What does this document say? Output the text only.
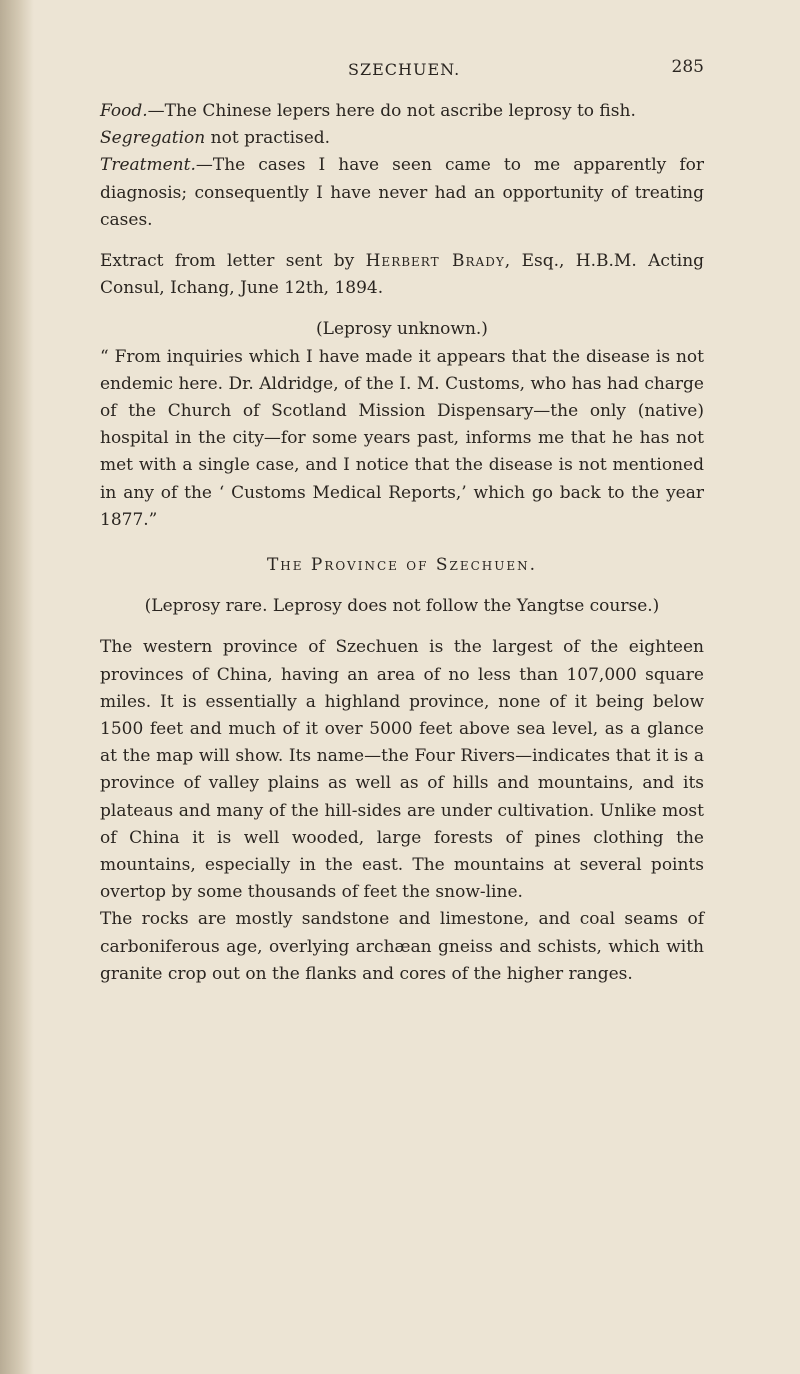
SZECHUEN.	285

Food.—The Chinese lepers here do not ascribe leprosy to fish.

Segregation not practised.

Treatment.—The cases I have seen came to me apparently for diagnosis; consequently I have never had an opportunity of treating cases.

Extract from letter sent by Herbert Brady, Esq., H.B.M. Acting Consul, Ichang, June 12th, 1894.

(Leprosy unknown.)

“ From inquiries which I have made it appears that the disease is not endemic here. Dr. Aldridge, of the I. M. Customs, who has had charge of the Church of Scotland Mission Dispensary—the only (native) hospital in the city—for some years past, informs me that he has not met with a single case, and I notice that the disease is not mentioned in any of the ‘ Customs Medical Reports,’ which go back to the year 1877.”

The Province of Szechuen.

(Leprosy rare. Leprosy does not follow the Yangtse course.)

The western province of Szechuen is the largest of the eighteen provinces of China, having an area of no less than 107,000 square miles. It is essentially a highland province, none of it being below 1500 feet and much of it over 5000 feet above sea level, as a glance at the map will show. Its name—the Four Rivers—indicates that it is a province of valley plains as well as of hills and mountains, and its plateaus and many of the hill-sides are under cultivation. Unlike most of China it is well wooded, large forests of pines clothing the mountains, especially in the east. The mountains at several points overtop by some thousands of feet the snow-line.

The rocks are mostly sandstone and limestone, and coal seams of carboniferous age, overlying archæan gneiss and schists, which with granite crop out on the flanks and cores of the higher ranges.
